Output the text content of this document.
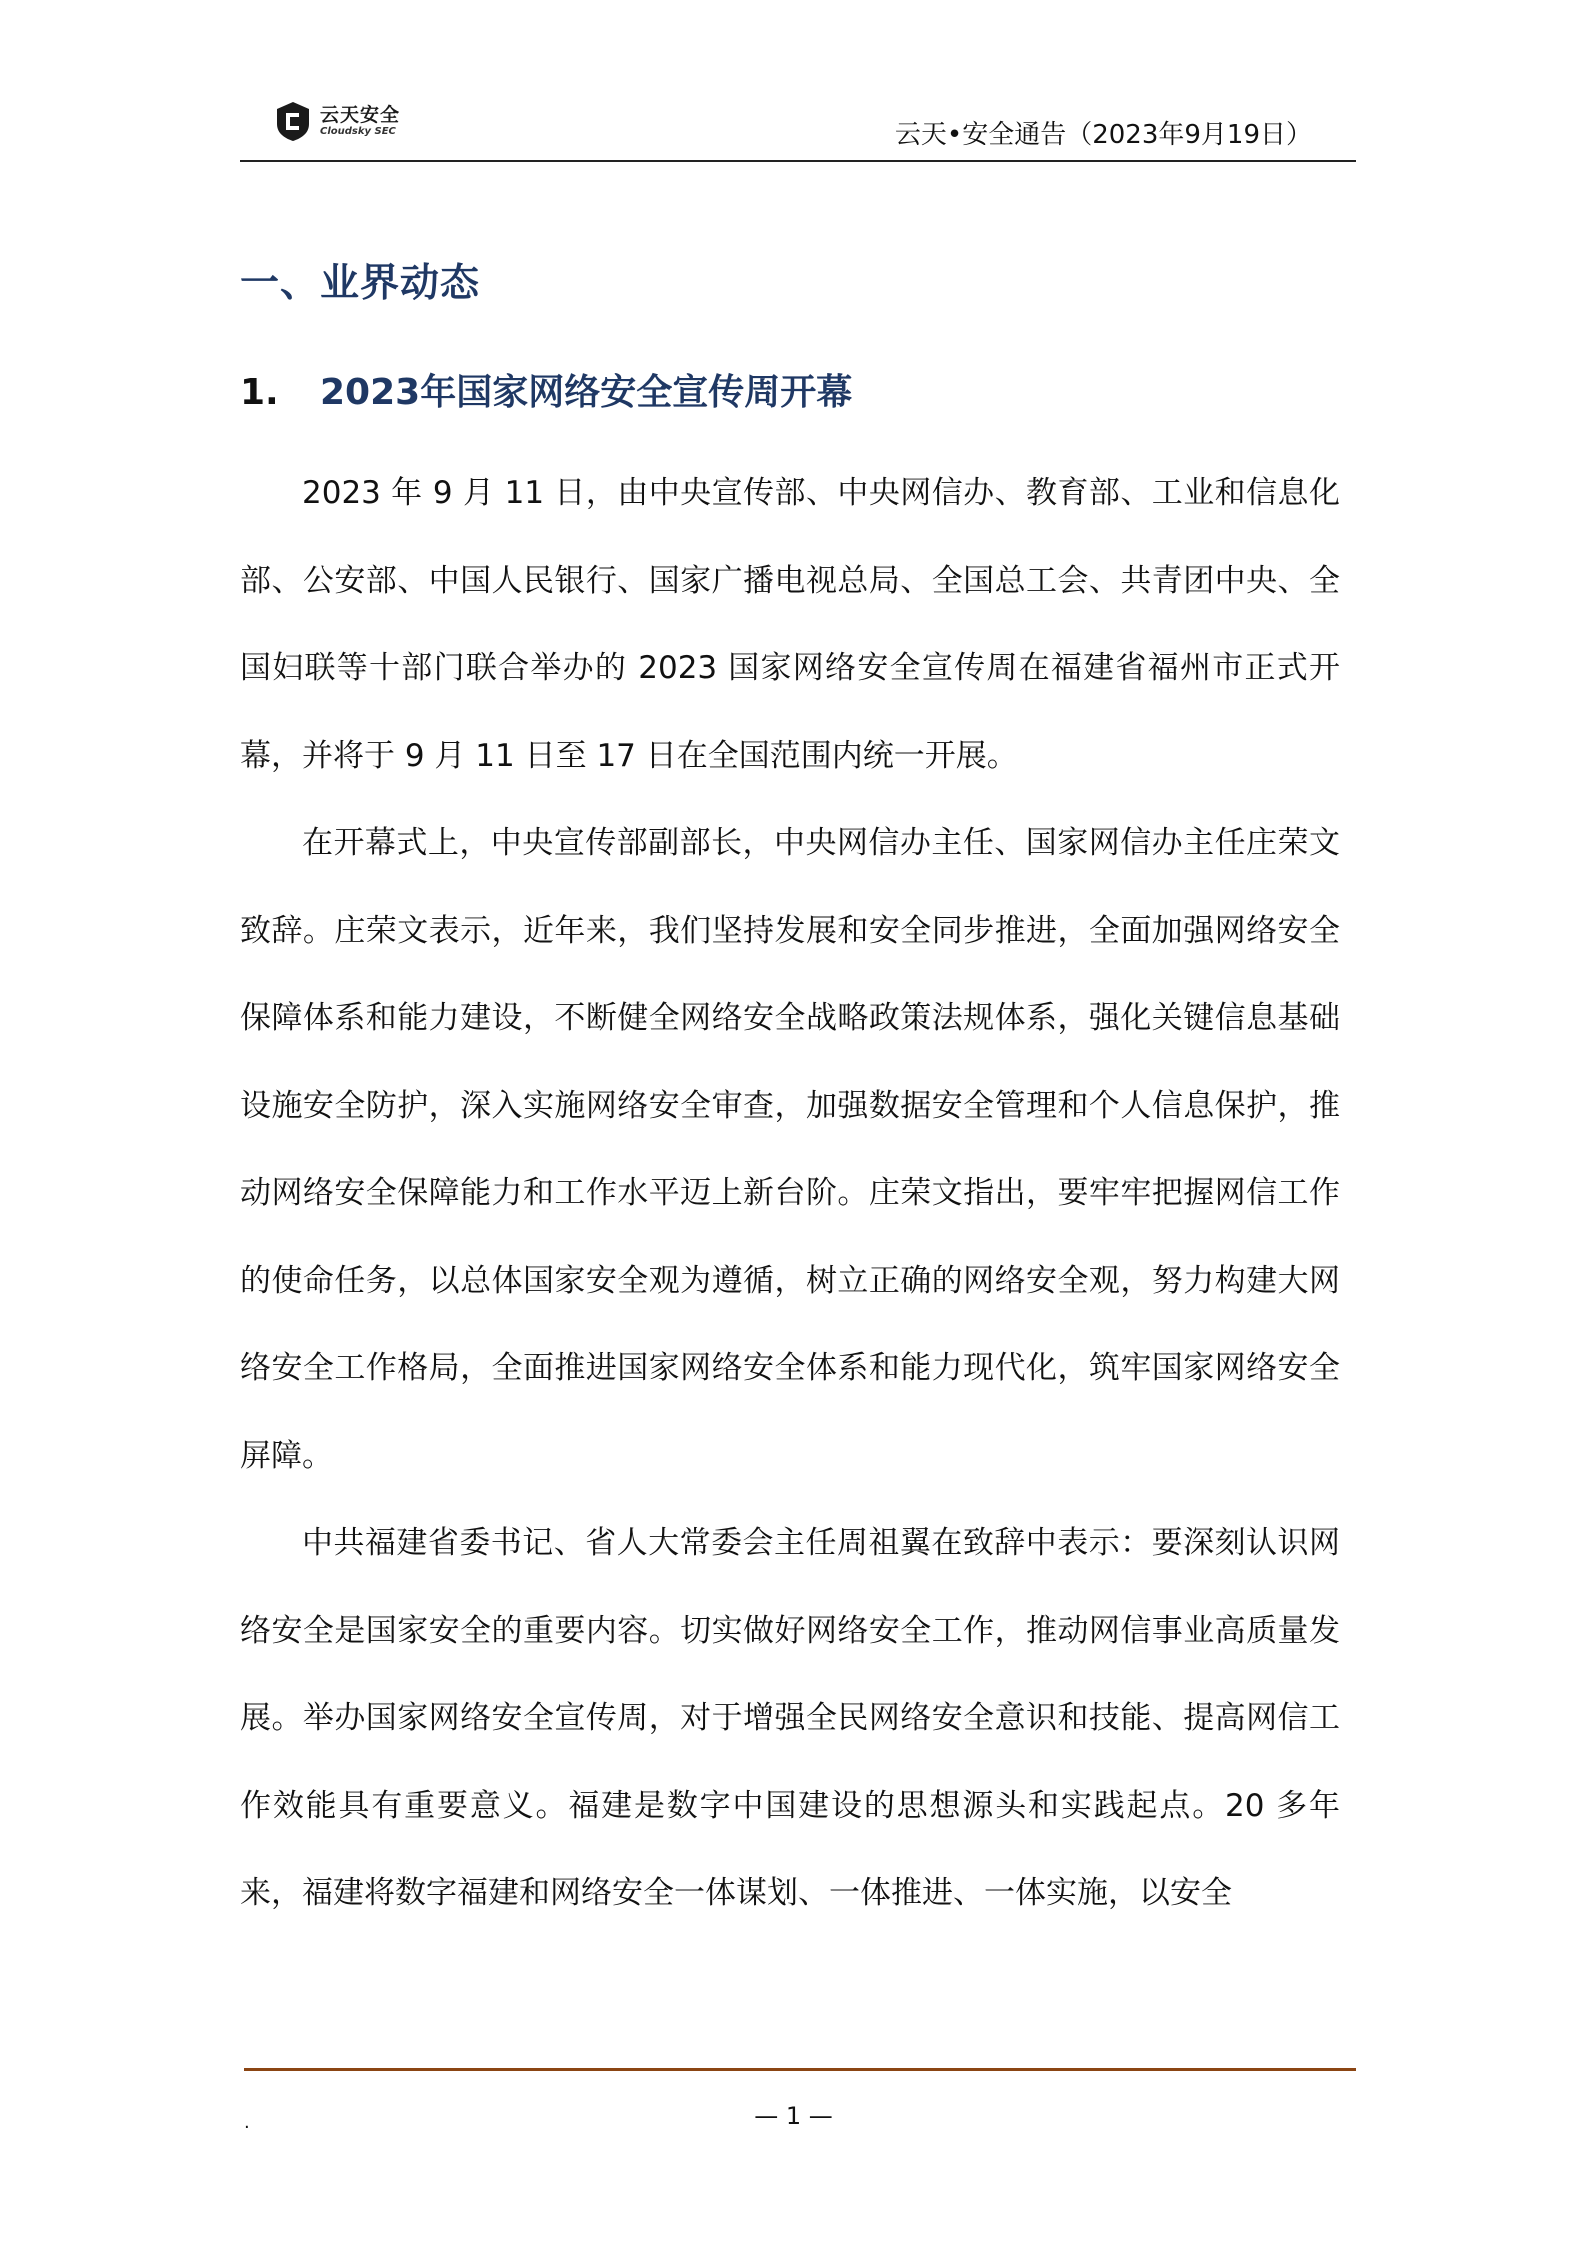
云天安全
Cloudsky SEC	云天•安全通告（2023年9月19日）
一、业界动态
1. 2023年国家网络安全宣传周开幕

2023 年 9 月 11 日，由中央宣传部、中央网信办、教育部、工业和信息化部、公安部、中国人民银行、国家广播电视总局、全国总工会、共青团中央、全国妇联等十部门联合举办的 2023 国家网络安全宣传周在福建省福州市正式开幕，并将于 9 月 11 日至 17 日在全国范围内统一开展。

在开幕式上，中央宣传部副部长，中央网信办主任、国家网信办主任庄荣文致辞。庄荣文表示，近年来，我们坚持发展和安全同步推进，全面加强网络安全保障体系和能力建设，不断健全网络安全战略政策法规体系，强化关键信息基础设施安全防护，深入实施网络安全审查，加强数据安全管理和个人信息保护，推动网络安全保障能力和工作水平迈上新台阶。庄荣文指出，要牢牢把握网信工作的使命任务，以总体国家安全观为遵循，树立正确的网络安全观，努力构建大网络安全工作格局，全面推进国家网络安全体系和能力现代化，筑牢国家网络安全屏障。

中共福建省委书记、省人大常委会主任周祖翼在致辞中表示：要深刻认识网络安全是国家安全的重要内容。切实做好网络安全工作，推动网信事业高质量发展。举办国家网络安全宣传周，对于增强全民网络安全意识和技能、提高网信工作效能具有重要意义。福建是数字中国建设的思想源头和实践起点。20 多年来，福建将数字福建和网络安全一体谋划、一体推进、一体实施，以安全

.	— 1 —
